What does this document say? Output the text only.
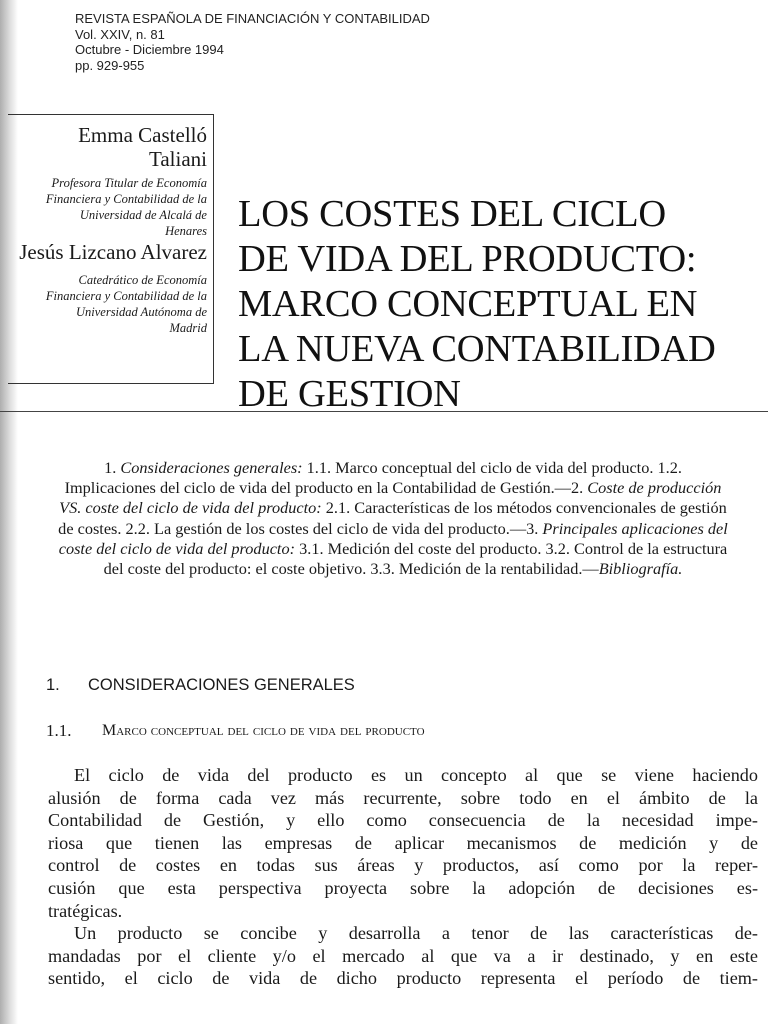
REVISTA ESPAÑOLA DE FINANCIACIÓN Y CONTABILIDAD
Vol. XXIV, n. 81
Octubre - Diciembre 1994
pp. 929-955
Emma Castelló
Taliani
Profesora Titular de Economía
Financiera y Contabilidad de la
Universidad de Alcalá de
Henares
Jesús Lizcano Alvarez
Catedrático de Economía
Financiera y Contabilidad de la
Universidad Autónoma de
Madrid
LOS COSTES DEL CICLO
DE VIDA DEL PRODUCTO:
MARCO CONCEPTUAL EN
LA NUEVA CONTABILIDAD
DE GESTION
1. Consideraciones generales: 1.1. Marco conceptual del ciclo de vida del producto. 1.2. Implicaciones del ciclo de vida del producto en la Contabilidad de Gestión.—2. Coste de producción VS. coste del ciclo de vida del producto: 2.1. Características de los métodos convencionales de gestión de costes. 2.2. La gestión de los costes del ciclo de vida del producto.—3. Principales aplicaciones del coste del ciclo de vida del producto: 3.1. Medición del coste del producto. 3.2. Control de la estructura del coste del producto: el coste objetivo. 3.3. Medición de la rentabilidad.—Bibliografía.
1. CONSIDERACIONES GENERALES
1.1. Marco conceptual del ciclo de vida del producto
El ciclo de vida del producto es un concepto al que se viene haciendo
alusión de forma cada vez más recurrente, sobre todo en el ámbito de la
Contabilidad de Gestión, y ello como consecuencia de la necesidad impe-
riosa que tienen las empresas de aplicar mecanismos de medición y de
control de costes en todas sus áreas y productos, así como por la reper-
cusión que esta perspectiva proyecta sobre la adopción de decisiones es-
tratégicas.
Un producto se concibe y desarrolla a tenor de las características de-
mandadas por el cliente y/o el mercado al que va a ir destinado, y en este
sentido, el ciclo de vida de dicho producto representa el período de tiem-
